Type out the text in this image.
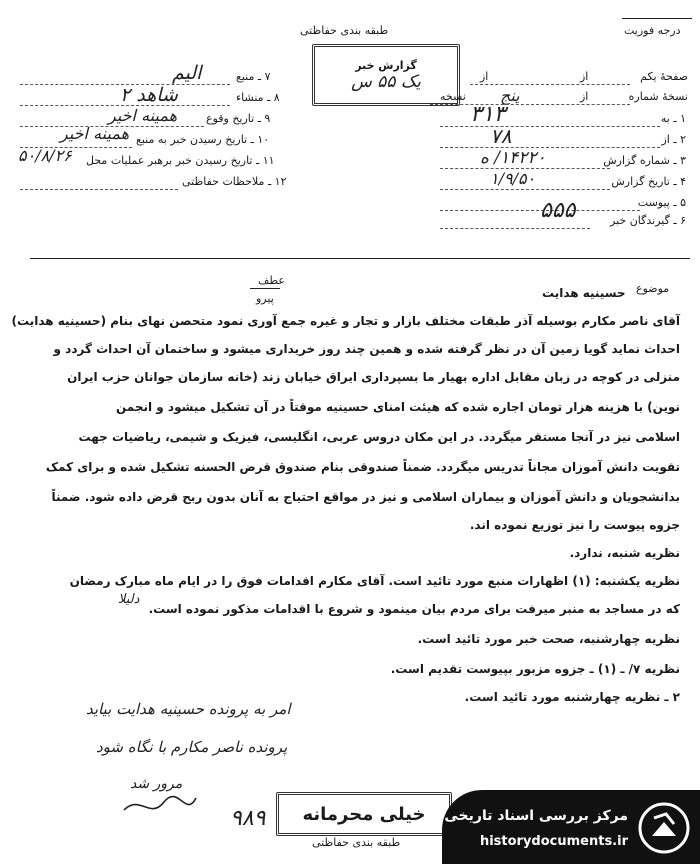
طبقه بندی حفاظتی	درجه فوریت
گزارش خبر
یک ۵۵ س	صفحهٔ یکم
از
از
نسخهٔ شماره
از
پنج
نسخه
۱ ـ به
۳۱۳
۲ ـ از
۷۸
۳ ـ شماره گزارش
۱۴۲۲۰/ ه
۴ ـ تاریخ گزارش
۱/۹/۵۰
۵ ـ پیوست
۶ ـ گیرندگان خبر
۵۵۵
۷ ـ منبع
اليم
۸ ـ منشاء
شاهد ۲
۹ ـ تاریخ وقوع
همینه اخیر
۱۰ ـ تاریخ رسیدن خبر به منبع
همینه اخیر
۱۱ ـ تاریخ رسیدن خبر برهبر عملیات محل
۵۰/۸/۲۶
۱۲ ـ ملاحظات حفاظتی
موضوع
حسینیه هدایت
عطف
پیرو
آقای ناصر مکارم بوسیله آذر طبقات مختلف بازار و تجار و غیره جمع آوری نمود متحصن نهای بنام (حسینیه هدایت)
احداث نماید گویا زمین آن در نظر گرفته شده و همین چند روز خریداری میشود و ساختمان آن احداث گردد و
منزلی در کوچه در زبان مقابل اداره بهیار ما بسپرداری ایراق خیابان زند (خانه سازمان جوانان حزب ایران
نوین) با هزینه هزار تومان اجاره شده که هیئت امنای حسینیه موقتاً در آن تشکیل میشود و انجمن
اسلامی نیز در آنجا مستقر میگردد. در این مکان دروس عربی، انگلیسی، فیزیک و شیمی، ریاضیات جهت
تقویت دانش آموزان مجاناً تدریس میگردد. ضمناً صندوقی بنام صندوق قرض الحسنه تشکیل شده و برای کمک
بدانشجویان و دانش آموزان و بیماران اسلامی و نیز در مواقع احتیاج به آنان بدون ربح قرض داده شود. ضمناً
جزوه پیوست را نیز توزیع نموده اند.
نظریه شنبه، ندارد.
نظریه یکشنبه: (۱) اظهارات منبع مورد تائید است. آقای مکارم اقدامات فوق را در ایام ماه مبارک رمضان
که در مساجد به منبر میرفت برای مردم بیان مینمود و شروع با اقدامات مذکور نموده است.
دلیلا
نظریه چهارشنبه، صحت خبر مورد تائید است.
نظریه ۷/ ـ (۱) ـ جزوه مزبور بپیوست تقدیم است.
۲ ـ نظریه چهارشنبه مورد تائید است.
امر به پرونده حسینیه هدایت بیاید
پرونده ناصر مکارم با نگاه شود
مرور شد
۹۸۹ خیلی محرمانه
طبقه بندی حفاظتی
مرکز بررسی اسناد تاریخی
historydocuments.ir
